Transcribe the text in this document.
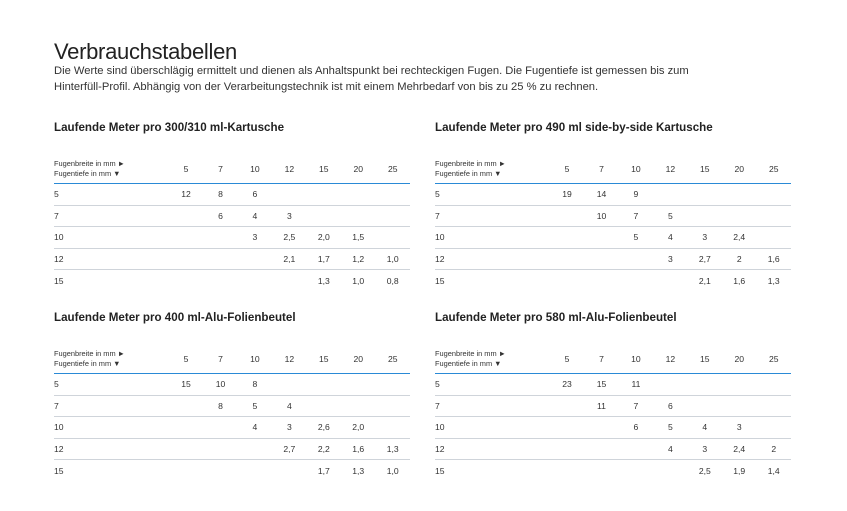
Verbrauchstabellen

Die Werte sind überschlägig ermittelt und dienen als Anhaltspunkt bei rechteckigen Fugen. Die Fugentiefe ist gemessen bis zum

Hinterfüll-Profil. Abhängig von der Verarbeitungstechnik ist mit einem Mehrbedarf von bis zu 25 % zu rechnen.

Laufende Meter pro 300/310 ml-Kartusche
Fugenbreite in mm ►
Fugentiefe in mm ▼	5	7	10	12	15	20	25
5	12	8	6				
7		6	4	3			
10			3	2,5	2,0	1,5	
12				2,1	1,7	1,2	1,0
15					1,3	1,0	0,8
Laufende Meter pro 490 ml side-by-side Kartusche
Fugenbreite in mm ►
Fugentiefe in mm ▼	5	7	10	12	15	20	25
5	19	14	9				
7		10	7	5			
10			5	4	3	2,4	
12				3	2,7	2	1,6
15					2,1	1,6	1,3
Laufende Meter pro 400 ml-Alu-Folienbeutel
Fugenbreite in mm ►
Fugentiefe in mm ▼	5	7	10	12	15	20	25
5	15	10	8				
7		8	5	4			
10			4	3	2,6	2,0	
12				2,7	2,2	1,6	1,3
15					1,7	1,3	1,0
Laufende Meter pro 580 ml-Alu-Folienbeutel
Fugenbreite in mm ►
Fugentiefe in mm ▼	5	7	10	12	15	20	25
5	23	15	11				
7		11	7	6			
10			6	5	4	3	
12				4	3	2,4	2
15					2,5	1,9	1,4
